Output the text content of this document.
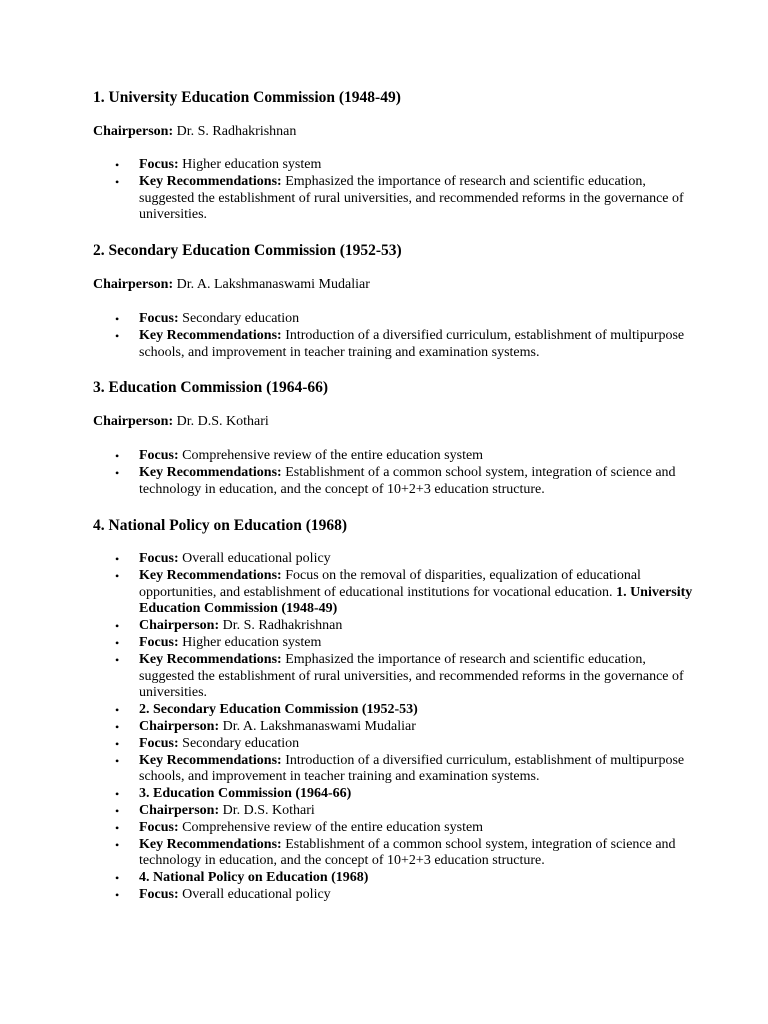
1. University Education Commission (1948-49)

Chairperson: Dr. S. Radhakrishnan

• Focus: Higher education system
• Key Recommendations: Emphasized the importance of research and scientific education, suggested the establishment of rural universities, and recommended reforms in the governance of universities.
2. Secondary Education Commission (1952-53)

Chairperson: Dr. A. Lakshmanaswami Mudaliar

• Focus: Secondary education
• Key Recommendations: Introduction of a diversified curriculum, establishment of multipurpose schools, and improvement in teacher training and examination systems.
3. Education Commission (1964-66)

Chairperson: Dr. D.S. Kothari

• Focus: Comprehensive review of the entire education system
• Key Recommendations: Establishment of a common school system, integration of science and technology in education, and the concept of 10+2+3 education structure.
4. National Policy on Education (1968)
• Focus: Overall educational policy
• Key Recommendations: Focus on the removal of disparities, equalization of educational opportunities, and establishment of educational institutions for vocational education. 1. University Education Commission (1948-49)
• Chairperson: Dr. S. Radhakrishnan
• Focus: Higher education system
• Key Recommendations: Emphasized the importance of research and scientific education, suggested the establishment of rural universities, and recommended reforms in the governance of universities.
• 2. Secondary Education Commission (1952-53)
• Chairperson: Dr. A. Lakshmanaswami Mudaliar
• Focus: Secondary education
• Key Recommendations: Introduction of a diversified curriculum, establishment of multipurpose schools, and improvement in teacher training and examination systems.
• 3. Education Commission (1964-66)
• Chairperson: Dr. D.S. Kothari
• Focus: Comprehensive review of the entire education system
• Key Recommendations: Establishment of a common school system, integration of science and technology in education, and the concept of 10+2+3 education structure.
• 4. National Policy on Education (1968)
• Focus: Overall educational policy
